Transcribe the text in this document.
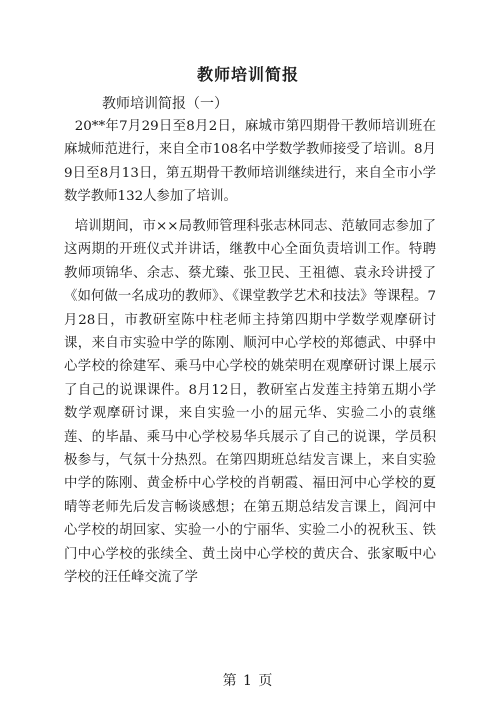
教师培训简报

教师培训简报（一）

20**年7月29日至8月2日，麻城市第四期骨干教师培训班在麻城师范进行，来自全市108名中学数学教师接受了培训。8月9日至8月13日，第五期骨干教师培训继续进行，来自全市小学数学教师132人参加了培训。

培训期间，市××局教师管理科张志林同志、范敏同志参加了这两期的开班仪式并讲话，继教中心全面负责培训工作。特聘教师项锦华、余志、蔡尤臻、张卫民、王祖德、袁永玲讲授了《如何做一名成功的教师》、《课堂教学艺术和技法》等课程。7月28日，市教研室陈中柱老师主持第四期中学数学观摩研讨课，来自市实验中学的陈刚、顺河中心学校的郑德武、中驿中心学校的徐建军、乘马中心学校的姚荣明在观摩研讨课上展示了自己的说课课件。8月12日，教研室占发莲主持第五期小学数学观摩研讨课，来自实验一小的屈元华、实验二小的袁继莲、的毕晶、乘马中心学校易华兵展示了自己的说课，学员积极参与，气氛十分热烈。在第四期班总结发言课上，来自实验中学的陈刚、黄金桥中心学校的肖朝霞、福田河中心学校的夏晴等老师先后发言畅谈感想；在第五期总结发言课上，阎河中心学校的胡回家、实验一小的宁丽华、实验二小的祝秋玉、铁门中心学校的张续全、黄土岗中心学校的黄庆合、张家畈中心学校的汪任峰交流了学

第 1 页
